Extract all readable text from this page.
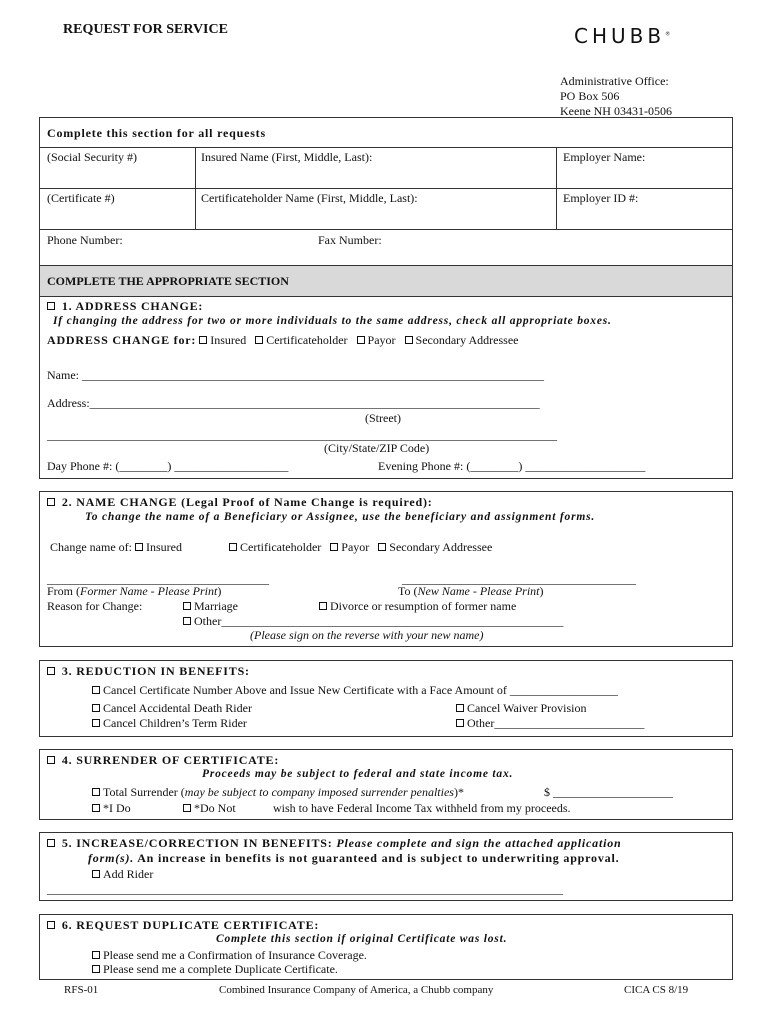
REQUEST FOR SERVICE	CHUBB®
Administrative Office:
PO Box 506
Keene NH 03431-0506
Complete this section for all requests
(Social Security #)	Insured Name (First, Middle, Last):	Employer Name:
(Certificate #)	Certificateholder Name (First, Middle, Last):	Employer ID #:
Phone Number:	Fax Number:
COMPLETE THE APPROPRIATE SECTION
1. ADDRESS CHANGE:
If changing the address for two or more individuals to the same address, check all appropriate boxes.
ADDRESS CHANGE for: Insured Certificateholder Payor Secondary Addressee
Name: _____________________________________________________________________________
Address:___________________________________________________________________________
(Street)
_____________________________________________________________________________________
(City/State/ZIP Code)
Day Phone #: (________) ___________________	Evening Phone #: (________) ____________________
2. NAME CHANGE (Legal Proof of Name Change is required):
To change the name of a Beneficiary or Assignee, use the beneficiary and assignment forms.
Change name of: Insured	Certificateholder Payor Secondary Addressee
_____________________________________	_______________________________________
From (Former Name - Please Print)	To (New Name - Please Print)
Reason for Change:	Marriage	Divorce or resumption of former name
Other_________________________________________________________
(Please sign on the reverse with your new name)
3. REDUCTION IN BENEFITS:
Cancel Certificate Number Above and Issue New Certificate with a Face Amount of __________________
Cancel Accidental Death Rider	Cancel Waiver Provision
Cancel Children’s Term Rider	Other_________________________
4. SURRENDER OF CERTIFICATE:
Proceeds may be subject to federal and state income tax.
Total Surrender (may be subject to company imposed surrender penalties)*	$ ____________________
*I Do	*Do Not	wish to have Federal Income Tax withheld from my proceeds.
5. INCREASE/CORRECTION IN BENEFITS: Please complete and sign the attached application
form(s). An increase in benefits is not guaranteed and is subject to underwriting approval.
Add Rider
______________________________________________________________________________________
6. REQUEST DUPLICATE CERTIFICATE:
Complete this section if original Certificate was lost.
Please send me a Confirmation of Insurance Coverage.
Please send me a complete Duplicate Certificate.
RFS-01	Combined Insurance Company of America, a Chubb company	CICA CS 8/19
